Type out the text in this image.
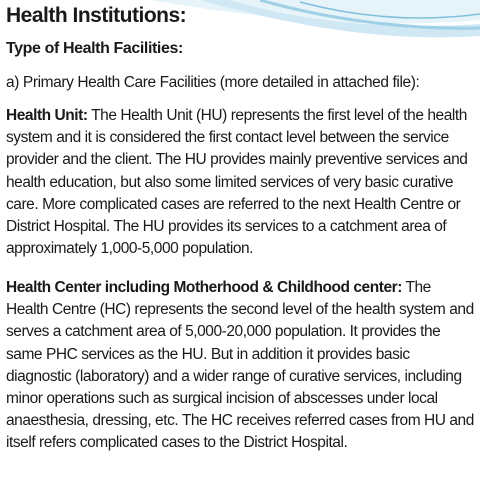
Health Institutions:
Type of Health Facilities:

a) Primary Health Care Facilities (more detailed in attached file):

Health Unit: The Health Unit (HU) represents the first level of the health system and it is considered the first contact level between the service provider and the client. The HU provides mainly preventive services and health education, but also some limited services of very basic curative care. More complicated cases are referred to the next Health Centre or District Hospital. The HU provides its services to a catchment area of approximately 1,000-5,000 population.

Health Center including Motherhood & Childhood center: The Health Centre (HC) represents the second level of the health system and serves a catchment area of 5,000-20,000 population. It provides the same PHC services as the HU. But in addition it provides basic diagnostic (laboratory) and a wider range of curative services, including minor operations such as surgical incision of abscesses under local anaesthesia, dressing, etc. The HC receives referred cases from HU and itself refers complicated cases to the District Hospital.
